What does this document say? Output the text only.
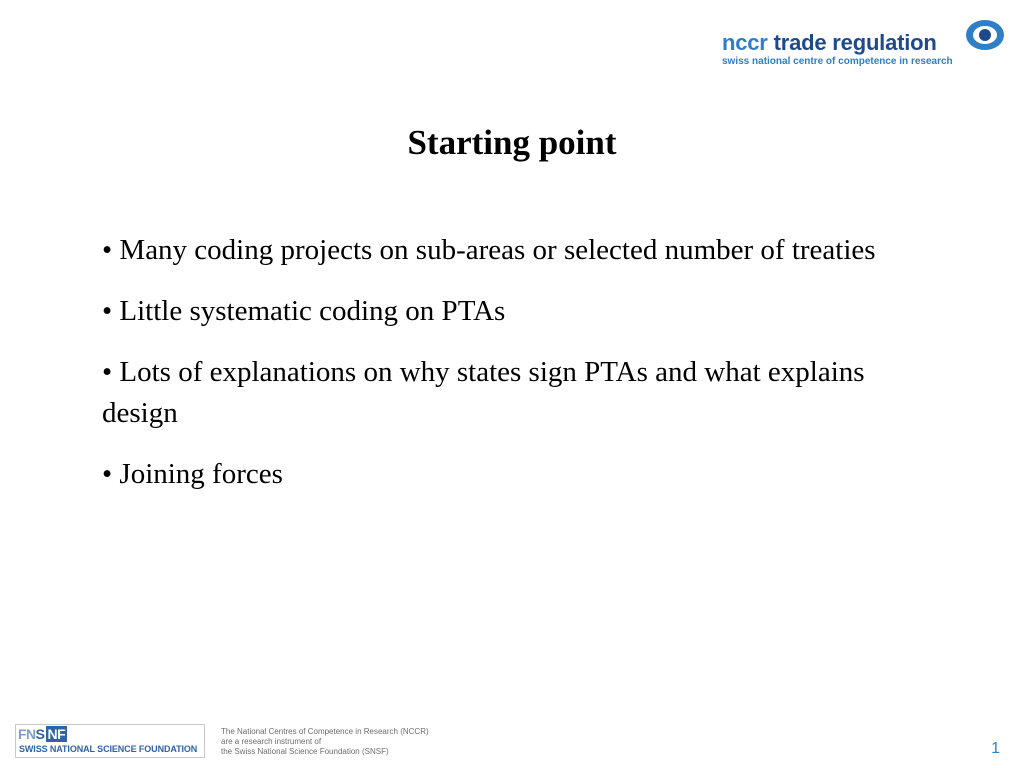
nccr trade regulation
swiss national centre of competence in research
Starting point
• Many coding projects on sub-areas or selected number of treaties
• Little systematic coding on PTAs
• Lots of explanations on why states sign PTAs and what explains design
• Joining forces
FN S NF
SWISS NATIONAL SCIENCE FOUNDATION
The National Centres of Competence in Research (NCCR)
are a research instrument of
the Swiss National Science Foundation (SNSF)	1
